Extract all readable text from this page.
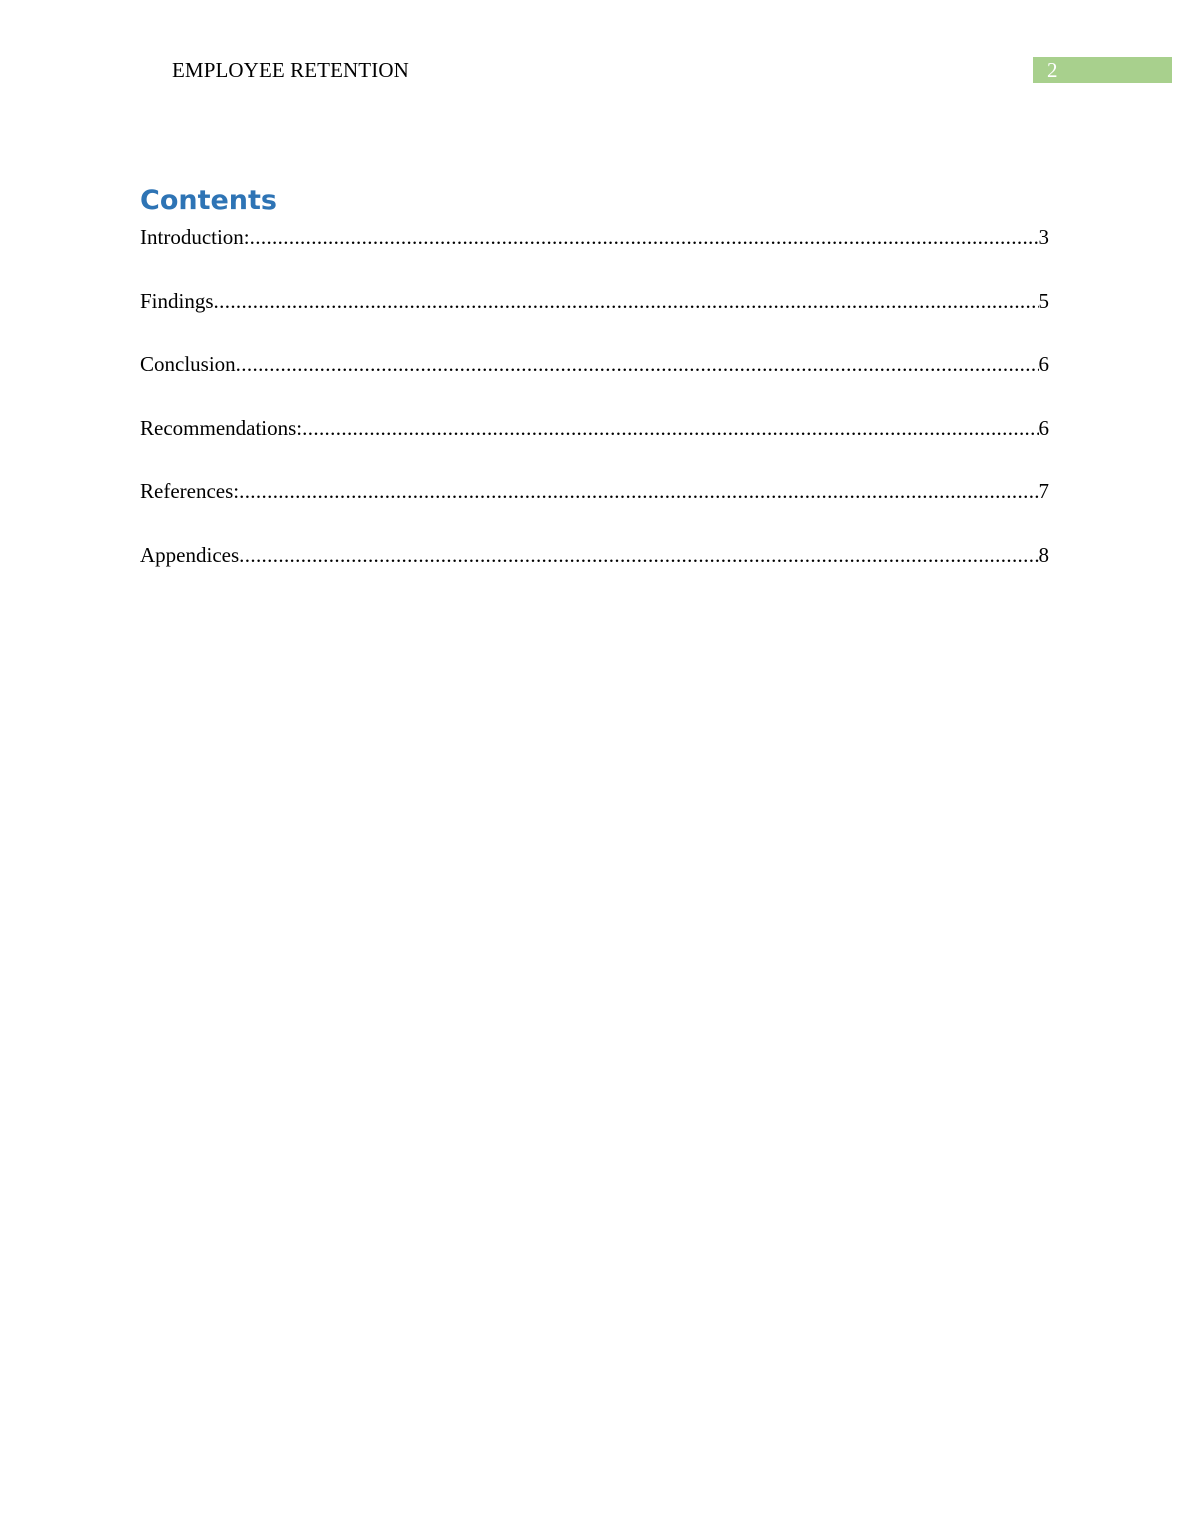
EMPLOYEE RETENTION	2
Contents
Introduction: .....	3
Findings .....	5
Conclusion .....	6
Recommendations: .....	6
References: .....	7
Appendices .....	8
